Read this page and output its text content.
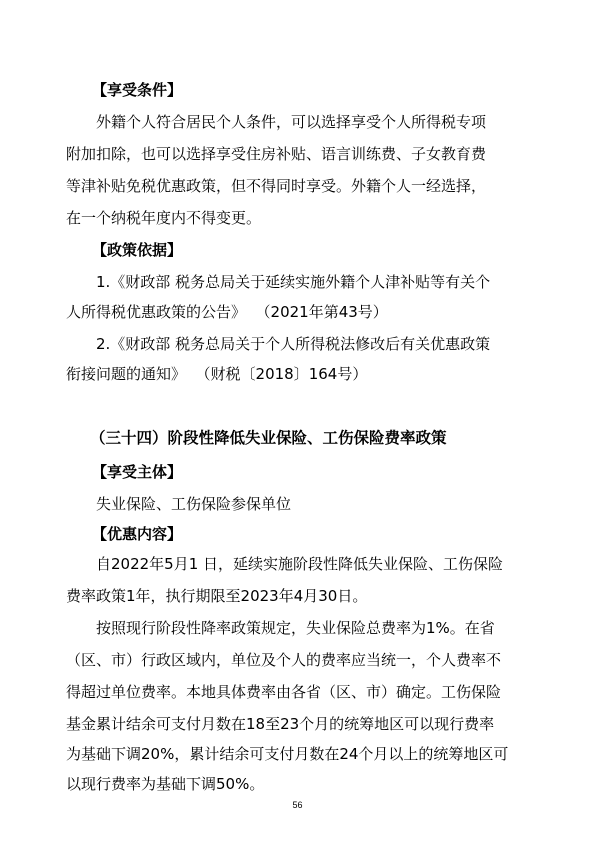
【享受条件】
外籍个人符合居民个人条件，可以选择享受个人所得税专项
附加扣除，也可以选择享受住房补贴、语言训练费、子女教育费
等津补贴免税优惠政策，但不得同时享受。外籍个人一经选择，
在一个纳税年度内不得变更。
【政策依据】
1.《财政部 税务总局关于延续实施外籍个人津补贴等有关个
人所得税优惠政策的公告》  （2021年第43号）
2.《财政部 税务总局关于个人所得税法修改后有关优惠政策
衔接问题的通知》  （财税〔2018〕164号）
（三十四）阶段性降低失业保险、工伤保险费率政策
【享受主体】
失业保险、工伤保险参保单位
【优惠内容】
自2022年5月1 日，延续实施阶段性降低失业保险、工伤保险
费率政策1年，执行期限至2023年4月30日。
按照现行阶段性降率政策规定，失业保险总费率为1%。在省
（区、市）行政区域内，单位及个人的费率应当统一，个人费率不
得超过单位费率。本地具体费率由各省（区、市）确定。工伤保险
基金累计结余可支付月数在18至23个月的统筹地区可以现行费率
为基础下调20%，累计结余可支付月数在24个月以上的统筹地区可
以现行费率为基础下调50%。
56
